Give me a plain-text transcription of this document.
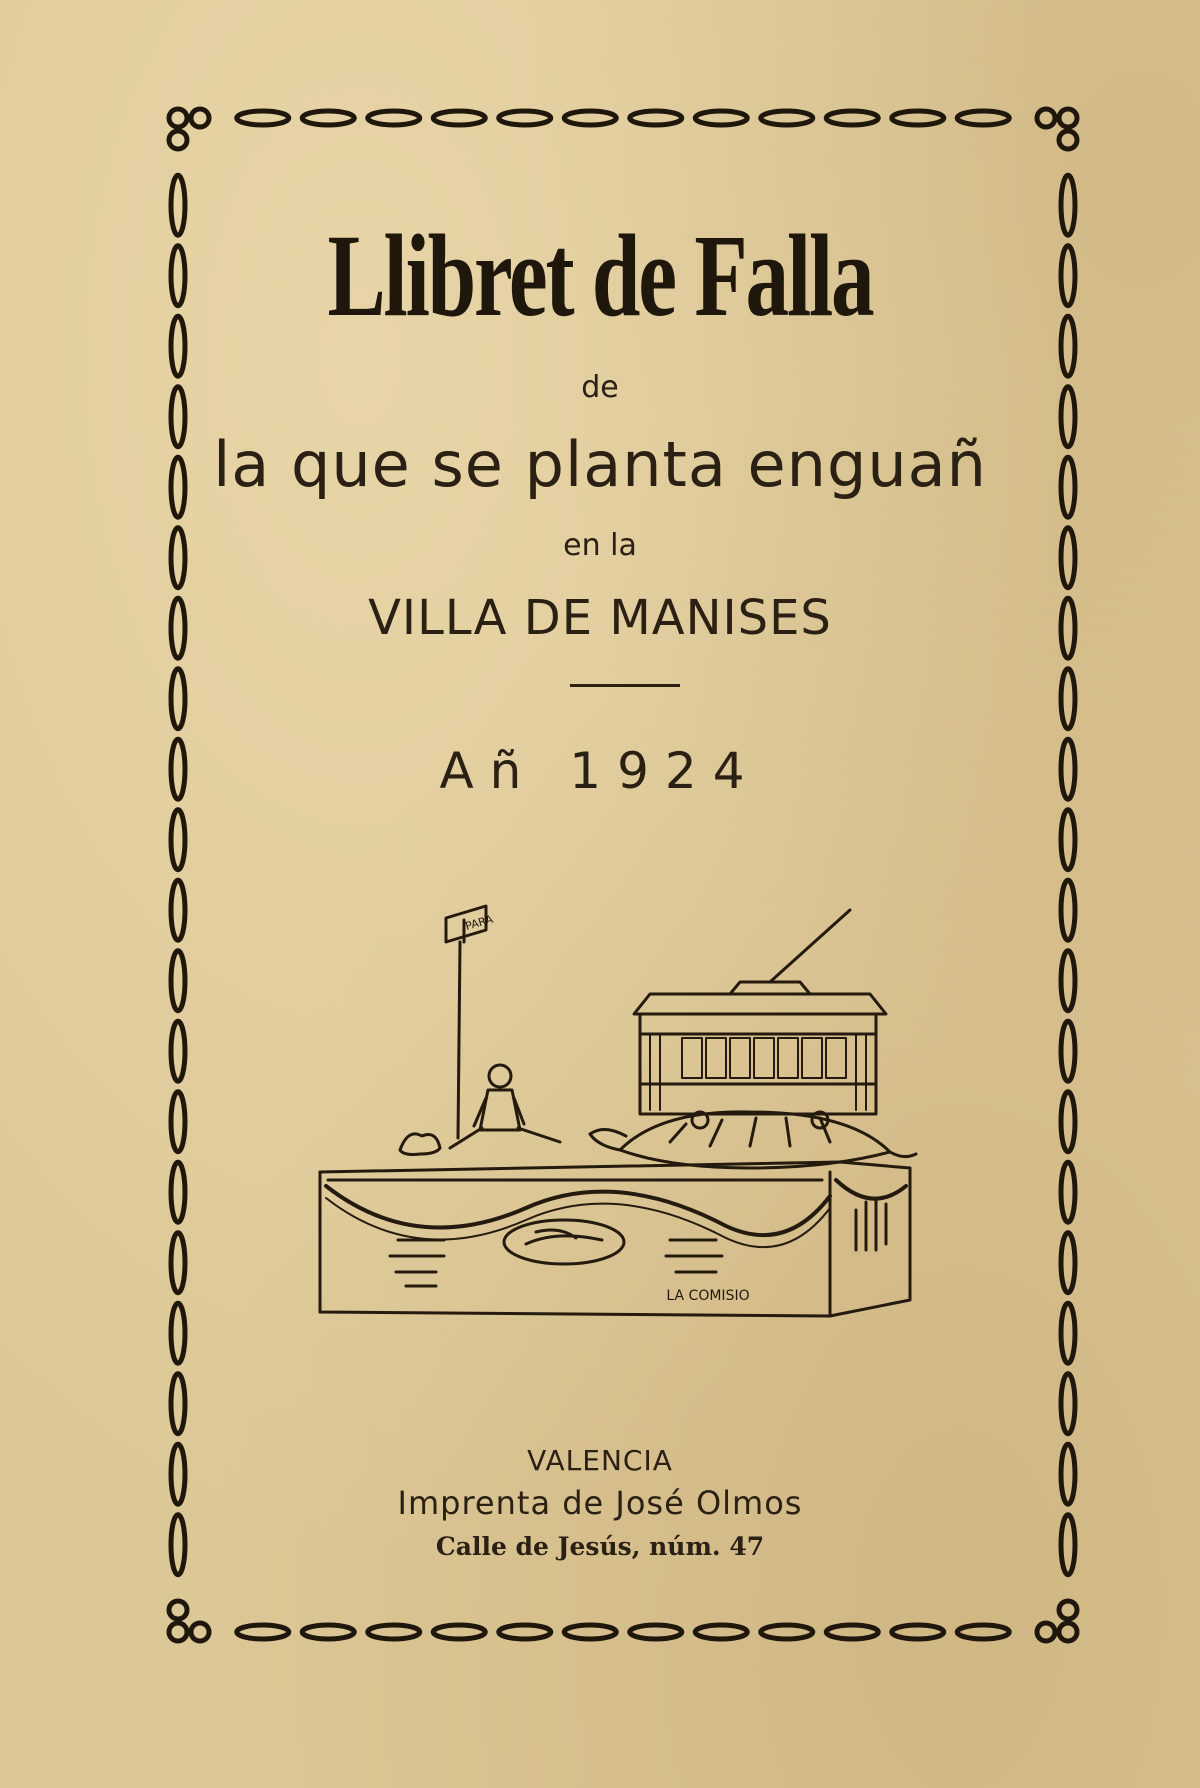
Llibret de Falla
de
la que se planta enguañ
en la
VILLA DE MANISES
Añ 1924
PARA
LA COMISIO
VALENCIA
Imprenta de José Olmos
Calle de Jesús, núm. 47
